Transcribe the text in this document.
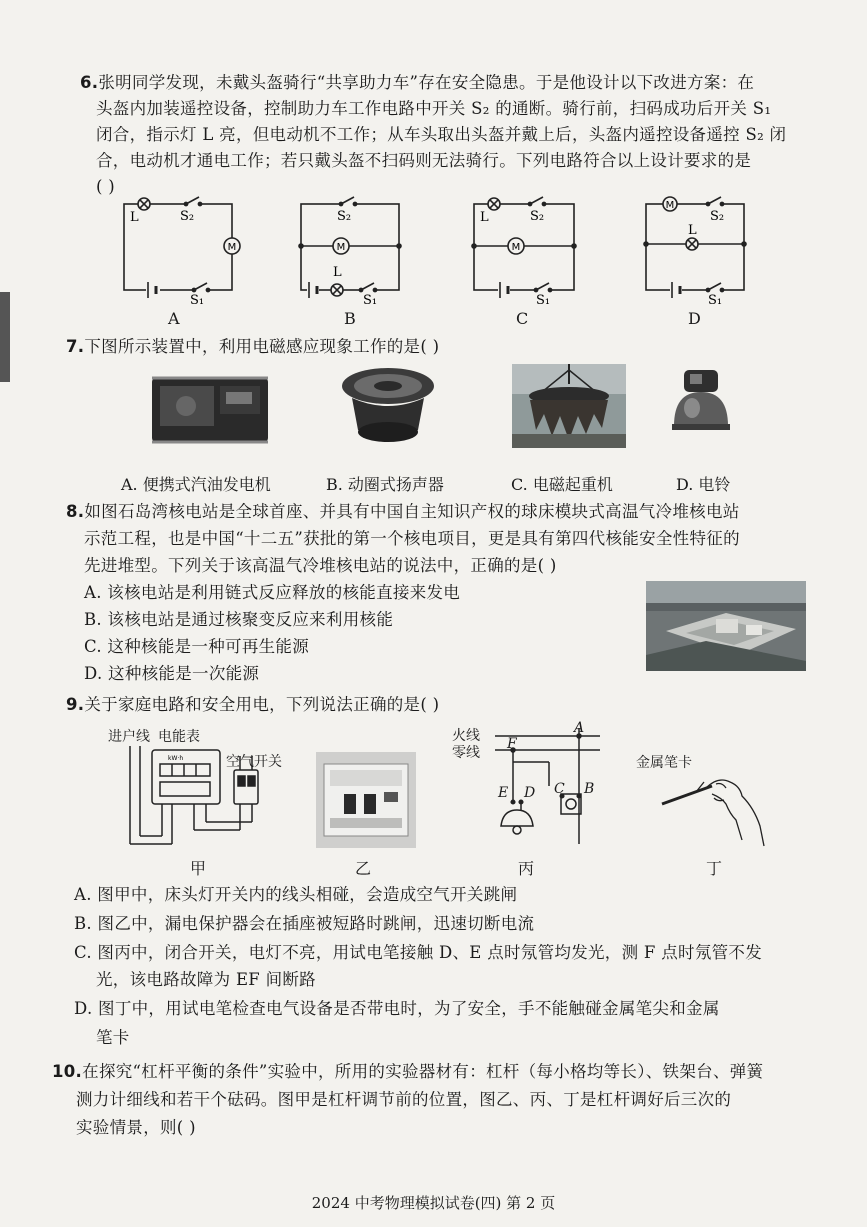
6.张明同学发现，未戴头盔骑行“共享助力车”存在安全隐患。于是他设计以下改进方案：在
头盔内加装遥控设备，控制助力车工作电路中开关 S₂ 的通断。骑行前，扫码成功后开关 S₁
闭合，指示灯 L 亮，但电动机不工作；从车头取出头盔并戴上后，头盔内遥控设备遥控 S₂ 闭
合，电动机才通电工作；若只戴头盔不扫码则无法骑行。下列电路符合以上设计要求的是
( )
M
L	S₂
S₁
A
M
S₂
L
S₁
B
M
L	S₂
S₁
C
M
L
S₂
S₁
D
7.下图所示装置中，利用电磁感应现象工作的是( )
A. 便携式汽油发电机	B. 动圈式扬声器	C. 电磁起重机	D. 电铃
8.如图石岛湾核电站是全球首座、并具有中国自主知识产权的球床模块式高温气冷堆核电站
示范工程，也是中国“十二五”获批的第一个核电项目，更是具有第四代核能安全性特征的
先进堆型。下列关于该高温气冷堆核电站的说法中，正确的是( )
A. 该核电站是利用链式反应释放的核能直接来发电
B. 该核电站是通过核聚变反应来利用核能
C. 这种核能是一种可再生能源
D. 这种核能是一次能源
9.关于家庭电路和安全用电，下列说法正确的是( )
kW·h
进户线 电能表
空气开关
甲	乙
火线
零线
A
F
E D C B
丙
金属笔卡
丁
A. 图甲中，床头灯开关内的线头相碰，会造成空气开关跳闸
B. 图乙中，漏电保护器会在插座被短路时跳闸，迅速切断电流
C. 图丙中，闭合开关，电灯不亮，用试电笔接触 D、E 点时氖管均发光，测 F 点时氖管不发
光，该电路故障为 EF 间断路
D. 图丁中，用试电笔检查电气设备是否带电时，为了安全，手不能触碰金属笔尖和金属
笔卡
10.在探究“杠杆平衡的条件”实验中，所用的实验器材有：杠杆（每小格均等长）、铁架台、弹簧
测力计细线和若干个砝码。图甲是杠杆调节前的位置，图乙、丙、丁是杠杆调好后三次的
实验情景，则( )
2024 中考物理模拟试卷(四) 第 2 页
